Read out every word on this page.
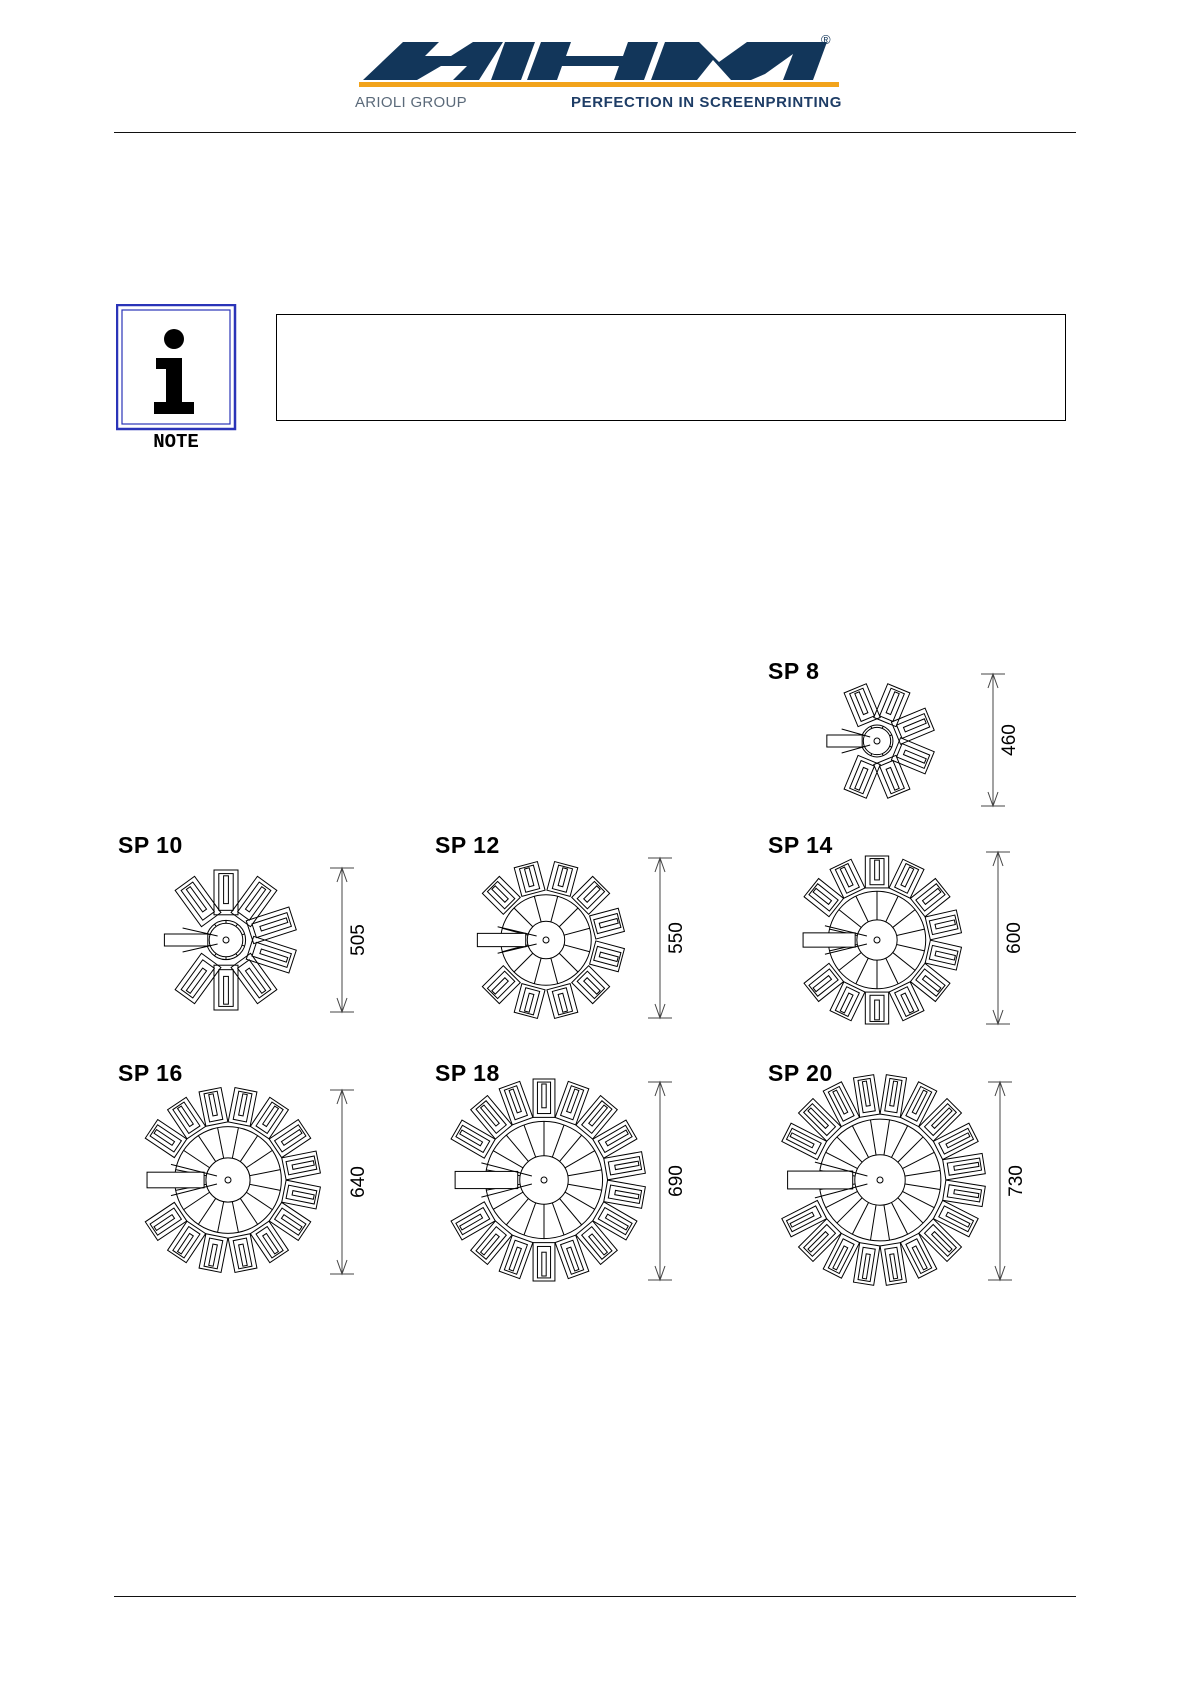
®
ARIOLI GROUP	PERFECTION IN SCREENPRINTING
NOTE
460
SP 8
505
SP 10
550
SP 12
600
SP 14
640
SP 16
690
SP 18
730
SP 20
